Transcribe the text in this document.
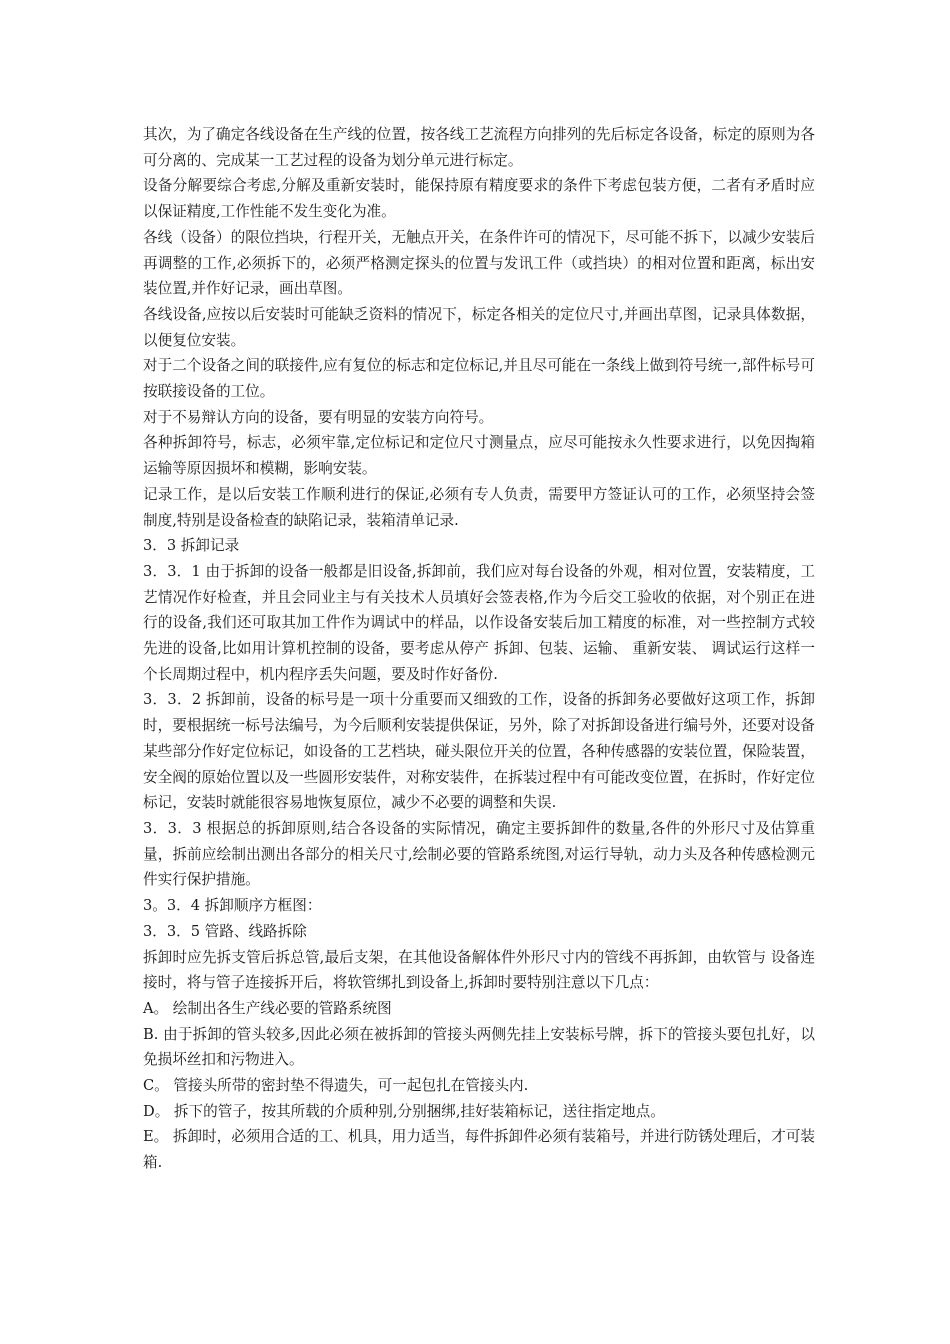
其次，为了确定各线设备在生产线的位置，按各线工艺流程方向排列的先后标定各设备，标定的原则为各可分离的、完成某一工艺过程的设备为划分单元进行标定。

设备分解要综合考虑,分解及重新安装时，能保持原有精度要求的条件下考虑包装方便，二者有矛盾时应以保证精度,工作性能不发生变化为准。

各线（设备）的限位挡块，行程开关，无触点开关，在条件许可的情况下，尽可能不拆下，以减少安装后再调整的工作,必须拆下的，必须严格测定探头的位置与发讯工件（或挡块）的相对位置和距离，标出安装位置,并作好记录，画出草图。

各线设备,应按以后安装时可能缺乏资料的情况下，标定各相关的定位尺寸,并画出草图，记录具体数据，以便复位安装。

对于二个设备之间的联接件,应有复位的标志和定位标记,并且尽可能在一条线上做到符号统一,部件标号可按联接设备的工位。

对于不易辩认方向的设备，要有明显的安装方向符号。

各种拆卸符号，标志，必须牢靠,定位标记和定位尺寸测量点，应尽可能按永久性要求进行，以免因掏箱运输等原因损坏和模糊，影响安装。

记录工作，是以后安装工作顺利进行的保证,必须有专人负责，需要甲方签证认可的工作，必须坚持会签制度,特别是设备检查的缺陷记录，装箱清单记录.

3．3 拆卸记录

3．3．1 由于拆卸的设备一般都是旧设备,拆卸前，我们应对每台设备的外观，相对位置，安装精度，工艺情况作好检查，并且会同业主与有关技术人员填好会签表格,作为今后交工验收的依据，对个别正在进行的设备,我们还可取其加工件作为调试中的样品，以作设备安装后加工精度的标准，对一些控制方式较先进的设备,比如用计算机控制的设备，要考虑从停产 拆卸、包装、运输、 重新安装、 调试运行这样一个长周期过程中，机内程序丢失问题，要及时作好备份.

3．3．2 拆卸前，设备的标号是一项十分重要而又细致的工作，设备的拆卸务必要做好这项工作，拆卸时，要根据统一标号法编号，为今后顺利安装提供保证，另外，除了对拆卸设备进行编号外，还要对设备某些部分作好定位标记，如设备的工艺档块，碰头限位开关的位置，各种传感器的安装位置，保险装置，安全阀的原始位置以及一些圆形安装件，对称安装件，在拆装过程中有可能改变位置，在拆时，作好定位标记，安装时就能很容易地恢复原位，减少不必要的调整和失误.

3．3．3 根据总的拆卸原则,结合各设备的实际情况，确定主要拆卸件的数量,各件的外形尺寸及估算重量，拆前应绘制出测出各部分的相关尺寸,绘制必要的管路系统图,对运行导轨，动力头及各种传感检测元件实行保护措施。

3。3．4 拆卸顺序方框图：

3．3．5 管路、线路拆除

拆卸时应先拆支管后拆总管,最后支架，在其他设备解体件外形尺寸内的管线不再拆卸，由软管与 设备连接时，将与管子连接拆开后，将软管绑扎到设备上,拆卸时要特别注意以下几点：

A。 绘制出各生产线必要的管路系统图

B. 由于拆卸的管头较多,因此必须在被拆卸的管接头两侧先挂上安装标号牌，拆下的管接头要包扎好，以免损坏丝扣和污物进入。

C。 管接头所带的密封垫不得遗失，可一起包扎在管接头内.

D。 拆下的管子，按其所载的介质种别,分别捆绑,挂好装箱标记，送往指定地点。

E。 拆卸时，必须用合适的工、机具，用力适当，每件拆卸件必须有装箱号，并进行防锈处理后，才可装箱.
